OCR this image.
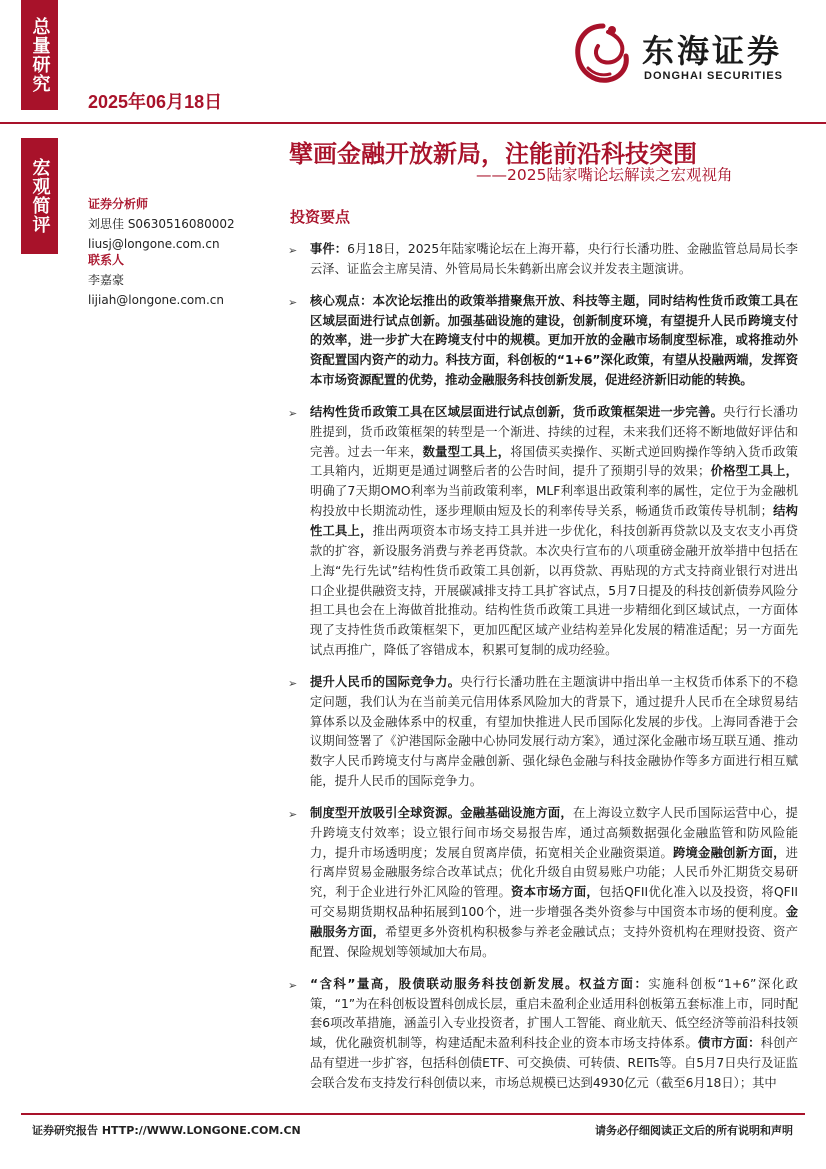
总量研究
宏观简评
2025年06月18日
东海证券
DONGHAI SECURITIES
擘画金融开放新局，注能前沿科技突围
——2025陆家嘴论坛解读之宏观视角
证券分析师
刘思佳 S0630516080002
liusj@longone.com.cn
联系人
李嘉豪
lijiah@longone.com.cn
投资要点
➢ 事件：6月18日，2025年陆家嘴论坛在上海开幕，央行行长潘功胜、金融监管总局局长李云泽、证监会主席吴清、外管局局长朱鹤新出席会议并发表主题演讲。

➢ 核心观点：本次论坛推出的政策举措聚焦开放、科技等主题，同时结构性货币政策工具在区域层面进行试点创新。加强基础设施的建设，创新制度环境，有望提升人民币跨境支付的效率，进一步扩大在跨境支付中的规模。更加开放的金融市场制度型标准，或将推动外资配置国内资产的动力。科技方面，科创板的“1+6”深化政策，有望从投融两端，发挥资本市场资源配置的优势，推动金融服务科技创新发展，促进经济新旧动能的转换。

➢ 结构性货币政策工具在区域层面进行试点创新，货币政策框架进一步完善。央行行长潘功胜提到，货币政策框架的转型是一个渐进、持续的过程，未来我们还将不断地做好评估和完善。过去一年来，数量型工具上，将国债买卖操作、买断式逆回购操作等纳入货币政策工具箱内，近期更是通过调整后者的公告时间，提升了预期引导的效果；价格型工具上，明确了7天期OMO利率为当前政策利率，MLF利率退出政策利率的属性，定位于为金融机构投放中长期流动性，逐步理顺由短及长的利率传导关系，畅通货币政策传导机制；结构性工具上，推出两项资本市场支持工具并进一步优化，科技创新再贷款以及支农支小再贷款的扩容，新设服务消费与养老再贷款。本次央行宣布的八项重磅金融开放举措中包括在上海“先行先试”结构性货币政策工具创新，以再贷款、再贴现的方式支持商业银行对进出口企业提供融资支持，开展碳减排支持工具扩容试点，5月7日提及的科技创新债券风险分担工具也会在上海做首批推动。结构性货币政策工具进一步精细化到区域试点，一方面体现了支持性货币政策框架下，更加匹配区域产业结构差异化发展的精准适配；另一方面先试点再推广，降低了容错成本，积累可复制的成功经验。

➢ 提升人民币的国际竞争力。央行行长潘功胜在主题演讲中指出单一主权货币体系下的不稳定问题，我们认为在当前美元信用体系风险加大的背景下，通过提升人民币在全球贸易结算体系以及金融体系中的权重，有望加快推进人民币国际化发展的步伐。上海同香港于会议期间签署了《沪港国际金融中心协同发展行动方案》，通过深化金融市场互联互通、推动数字人民币跨境支付与离岸金融创新、强化绿色金融与科技金融协作等多方面进行相互赋能，提升人民币的国际竞争力。

➢ 制度型开放吸引全球资源。金融基础设施方面，在上海设立数字人民币国际运营中心，提升跨境支付效率；设立银行间市场交易报告库，通过高频数据强化金融监管和防风险能力，提升市场透明度；发展自贸离岸债，拓宽相关企业融资渠道。跨境金融创新方面，进行离岸贸易金融服务综合改革试点；优化升级自由贸易账户功能；人民币外汇期货交易研究，利于企业进行外汇风险的管理。资本市场方面，包括QFII优化准入以及投资，将QFII可交易期货期权品种拓展到100个，进一步增强各类外资参与中国资本市场的便利度。金融服务方面，希望更多外资机构积极参与养老金融试点；支持外资机构在理财投资、资产配置、保险规划等领域加大布局。

➢ “含科”量高，股债联动服务科技创新发展。权益方面：实施科创板“1+6”深化政策，“1”为在科创板设置科创成长层，重启未盈利企业适用科创板第五套标准上市，同时配套6项改革措施，涵盖引入专业投资者，扩围人工智能、商业航天、低空经济等前沿科技领域，优化融资机制等，构建适配未盈利科技企业的资本市场支持体系。债市方面：科创产品有望进一步扩容，包括科创债ETF、可交换债、可转债、REITs等。自5月7日央行及证监会联合发布支持发行科创债以来，市场总规模已达到4930亿元（截至6月18日）；其中

证券研究报告 HTTP://WWW.LONGONE.COM.CN	请务必仔细阅读正文后的所有说明和声明
